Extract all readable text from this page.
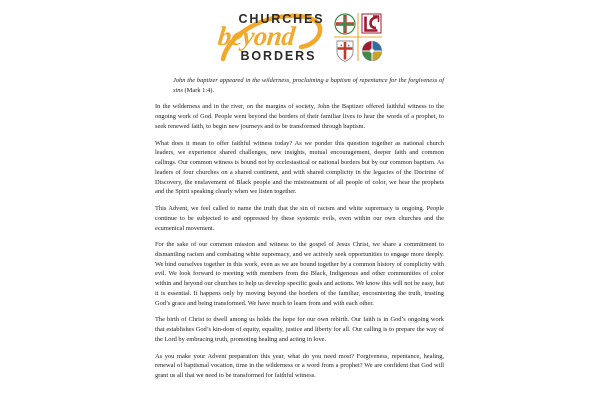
CHURCHES
beyond
BORDERS

John the baptizer appeared in the wilderness, proclaiming a baptism of repentance for the forgiveness of sins (Mark 1:4).

In the wilderness and in the river, on the margins of society, John the Baptizer offered faithful witness to the ongoing work of God. People went beyond the borders of their familiar lives to hear the words of a prophet, to seek renewed faith, to begin new journeys and to be transformed through baptism.

What does it mean to offer faithful witness today? As we ponder this question together as national church leaders, we experience shared challenges, new insights, mutual encouragement, deeper faith and common callings. Our common witness is bound not by ecclesiastical or national borders but by our common baptism. As leaders of four churches on a shared continent, and with shared complicity in the legacies of the Doctrine of Discovery, the enslavement of Black people and the mistreatment of all people of color, we hear the prophets and the Spirit speaking clearly when we listen together.

This Advent, we feel called to name the truth that the sin of racism and white supremacy is ongoing. People continue to be subjected to and oppressed by these systemic evils, even within our own churches and the ecumenical movement.

For the sake of our common mission and witness to the gospel of Jesus Christ, we share a commitment to dismantling racism and combating white supremacy, and we actively seek opportunities to engage more deeply. We bind ourselves together in this work, even as we are bound together by a common history of complicity with evil. We look forward to meeting with members from the Black, Indigenous and other communities of color within and beyond our churches to help us develop specific goals and actions. We know this will not be easy, but it is essential. It happens only by moving beyond the borders of the familiar, encountering the truth, trusting God’s grace and being transformed. We have much to learn from and with each other.

The birth of Christ to dwell among us holds the hope for our own rebirth. Our faith is in God’s ongoing work that establishes God’s kin-dom of equity, equality, justice and liberty for all. Our calling is to prepare the way of the Lord by embracing truth, promoting healing and acting in love.

As you make your Advent preparation this year, what do you need most? Forgiveness, repentance, healing, renewal of baptismal vocation, time in the wilderness or a word from a prophet? We are confident that God will grant us all that we need to be transformed for faithful witness.
